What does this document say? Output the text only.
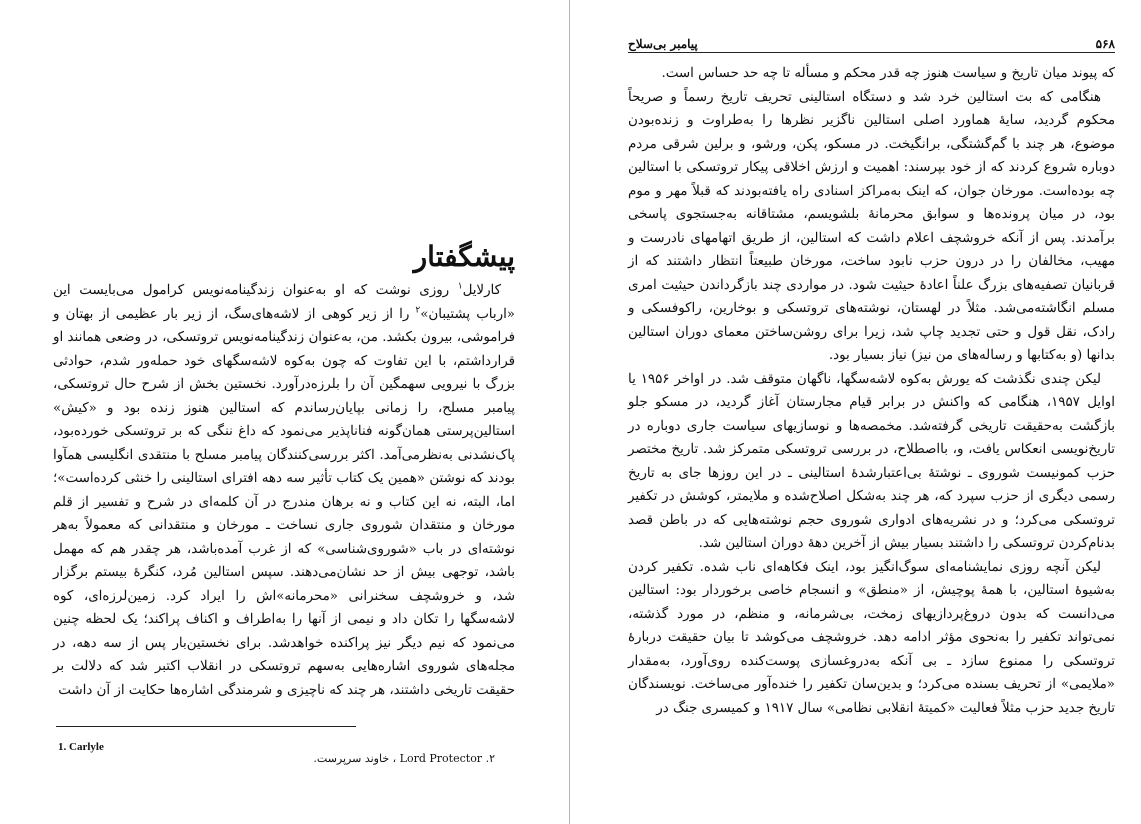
پیشگفتار

کارلایل$^۱$ روزی نوشت که او به‌عنوان زندگینامه‌نویس کرامول می‌بایست این «ارباب پشتیبان»$^۲$ را از زیر کوهی از لاشه‌های‌سگ، از زیر بار عظیمی از بهتان و فراموشی، بیرون بکشد. من، به‌عنوان زندگینامه‌نویس تروتسکی، در وضعی همانند او قرارداشتم، با این تفاوت که چون به‌کوه لاشه‌سگهای خود حمله‌ور شدم، حوادثی بزرگ با نیرویی سهمگین آن را بلرزه‌درآورد. نخستین بخش از شرح حال تروتسکی، پیامبر مسلح، را زمانی بپایان‌رساندم که استالین هنوز زنده بود و «کیش» استالین‌پرستی همان‌گونه فناناپذیر می‌نمود که داغ ننگی که بر تروتسکی خورده‌بود، پاک‌نشدنی به‌نظرمی‌آمد. اکثر بررسی‌کنندگان پیامبر مسلح با منتقدی انگلیسی همآوا بودند که نوشتن «همین یک کتاب تأثیر سه دهه افترای استالینی را خنثی کرده‌است»؛ اما، البته، نه این کتاب و نه برهان مندرج در آن کلمه‌ای در شرح و تفسیر از قلم مورخان و منتقدان شوروی جاری نساخت ـ مورخان و منتقدانی که معمولاً به‌هر نوشته‌ای در باب «شوروی‌شناسی» که از غرب آمده‌باشد، هر چقدر هم که مهمل باشد، توجهی بیش از حد نشان‌می‌دهند. سپس استالین مُرد، کنگرهٔ بیستم برگزار شد، و خروشچف سخنرانی «محرمانه»اش را ایراد کرد. زمین‌لرزه‌ای، کوه لاشه‌سگها را تکان داد و نیمی از آنها را به‌اطراف و اکناف پراکند؛ یک لحظه چنین می‌نمود که نیم دیگر نیز پراکنده خواهدشد. برای نخستین‌بار پس از سه دهه، در مجله‌های شوروی اشاره‌هایی به‌سهم تروتسکی در انقلاب اکتبر شد که دلالت بر حقیقت تاریخی داشتند، هر چند که ناچیزی و شرمندگی اشاره‌ها حکایت از آن داشت

1. Carlyle
۲. Lord Protector ، خاوند سرپرست.
پیامبر بی‌سلاح	۵۶۸

که پیوند میان تاریخ و سیاست هنوز چه قدر محکم و مسأله تا چه حد حساس است.

هنگامی که بت استالین خرد شد و دستگاه استالینی تحریف تاریخ رسماً و صریحاً محکوم گردید، سایهٔ هماورد اصلی استالین ناگزیر نظرها را به‌طراوت و زنده‌بودن موضوع، هر چند با گم‌گشتگی، برانگیخت. در مسکو، پکن، ورشو، و برلین شرقی مردم دوباره شروع کردند که از خود بپرسند: اهمیت و ارزش اخلاقی پیکار تروتسکی با استالین چه بوده‌است. مورخان جوان، که اینک به‌مراکز اسنادی راه یافته‌بودند که قبلاً مهر و موم بود، در میان پرونده‌ها و سوابق محرمانهٔ بلشویسم، مشتاقانه به‌جستجوی پاسخی برآمدند. پس از آنکه خروشچف اعلام داشت که استالین، از طریق اتهامهای نادرست و مهیب، مخالفان را در درون حزب نابود ساخت، مورخان طبیعتاً انتظار داشتند که از قربانیان تصفیه‌های بزرگ علناً اعادهٔ حیثیت شود. در مواردی چند بازگرداندن حیثیت امری مسلم انگاشته‌می‌شد. مثلاً در لهستان، نوشته‌های تروتسکی و بوخارین، راکوفسکی و رادک، نقل قول و حتی تجدید چاپ شد، زیرا برای روشن‌ساختن معمای دوران استالین بدانها (و به‌کتابها و رساله‌های من نیز) نیاز بسیار بود.

لیکن چندی نگذشت که یورش به‌کوه لاشه‌سگها، ناگهان متوقف شد. در اواخر ۱۹۵۶ یا اوایل ۱۹۵۷، هنگامی که واکنش در برابر قیام مجارستان آغاز گردید، در مسکو جلو بازگشت به‌حقیقت تاریخی گرفته‌شد. مخمصه‌ها و نوسازیهای سیاست جاری دوباره در تاریخ‌نویسی انعکاس یافت، و، بااصطلاح، در بررسی تروتسکی متمرکز شد. تاریخ مختصر حزب کمونیست شوروی ـ نوشتهٔ بی‌اعتبارشدهٔ استالینی ـ در این روزها جای به تاریخ رسمی دیگری از حزب سپرد که، هر چند به‌شکل اصلاح‌شده و ملایمتر، کوشش در تکفیر تروتسکی می‌کرد؛ و در نشریه‌های ادواری شوروی حجم نوشته‌هایی که در باطن قصد بدنام‌کردن تروتسکی را داشتند بسیار بیش از آخرین دههٔ دوران استالین شد.

لیکن آنچه روزی نمایشنامه‌ای سوگ‌انگیز بود، اینک فکاهه‌ای ناب شده. تکفیر کردن به‌شیوهٔ استالین، با همهٔ پوچیش، از «منطق» و انسجام خاصی برخوردار بود: استالین می‌دانست که بدون دروغ‌پردازیهای زمخت، بی‌شرمانه، و منظم، در مورد گذشته، نمی‌تواند تکفیر را به‌نحوی مؤثر ادامه دهد. خروشچف می‌کوشد تا بیان حقیقت دربارهٔ تروتسکی را ممنوع سازد ـ بی آنکه به‌دروغسازی پوست‌کنده روی‌آورد، به‌مقدار «ملایمی» از تحریف بسنده می‌کرد؛ و بدین‌سان تکفیر را خنده‌آور می‌ساخت. نویسندگان تاریخ جدید حزب مثلاً فعالیت «کمیتهٔ انقلابی نظامی» سال ۱۹۱۷ و کمیسری جنگ در
